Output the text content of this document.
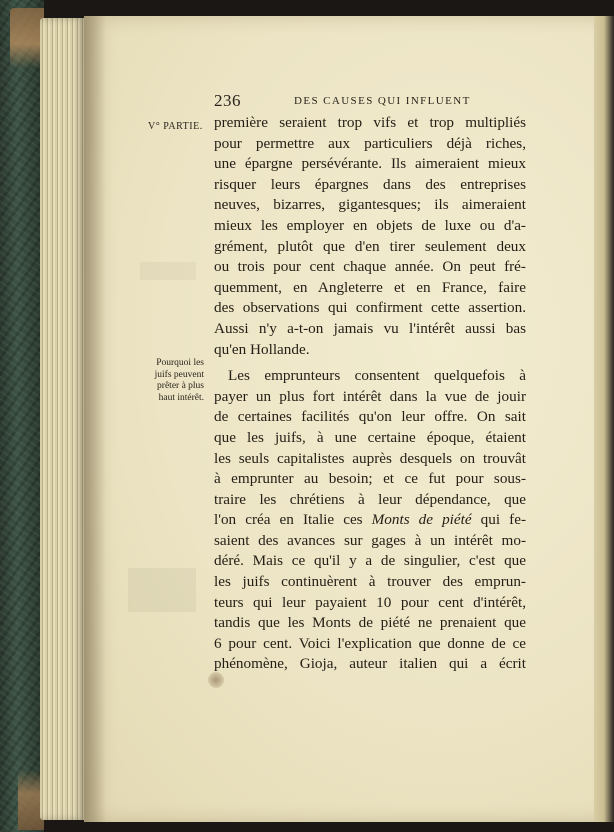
236	DES CAUSES QUI INFLUENT
V° PARTIE.
Pourquoi les
juifs peuvent
prêter à plus
haut intérêt.
première seraient trop vifs et trop multipliés
pour permettre aux particuliers déjà riches,
une épargne persévérante. Ils aimeraient mieux
risquer leurs épargnes dans des entreprises
neuves, bizarres, gigantesques; ils aimeraient
mieux les employer en objets de luxe ou d'a-
grément, plutôt que d'en tirer seulement deux
ou trois pour cent chaque année. On peut fré-
quemment, en Angleterre et en France, faire
des observations qui confirment cette assertion.
Aussi n'y a-t-on jamais vu l'intérêt aussi bas
qu'en Hollande.
Les emprunteurs consentent quelquefois à
payer un plus fort intérêt dans la vue de jouir
de certaines facilités qu'on leur offre. On sait
que les juifs, à une certaine époque, étaient
les seuls capitalistes auprès desquels on trouvât
à emprunter au besoin; et ce fut pour sous-
traire les chrétiens à leur dépendance, que
l'on créa en Italie ces Monts de piété qui fe-
saient des avances sur gages à un intérêt mo-
déré. Mais ce qu'il y a de singulier, c'est que
les juifs continuèrent à trouver des emprun-
teurs qui leur payaient 10 pour cent d'intérêt,
tandis que les Monts de piété ne prenaient que
6 pour cent. Voici l'explication que donne de ce
phénomène, Gioja, auteur italien qui a écrit
